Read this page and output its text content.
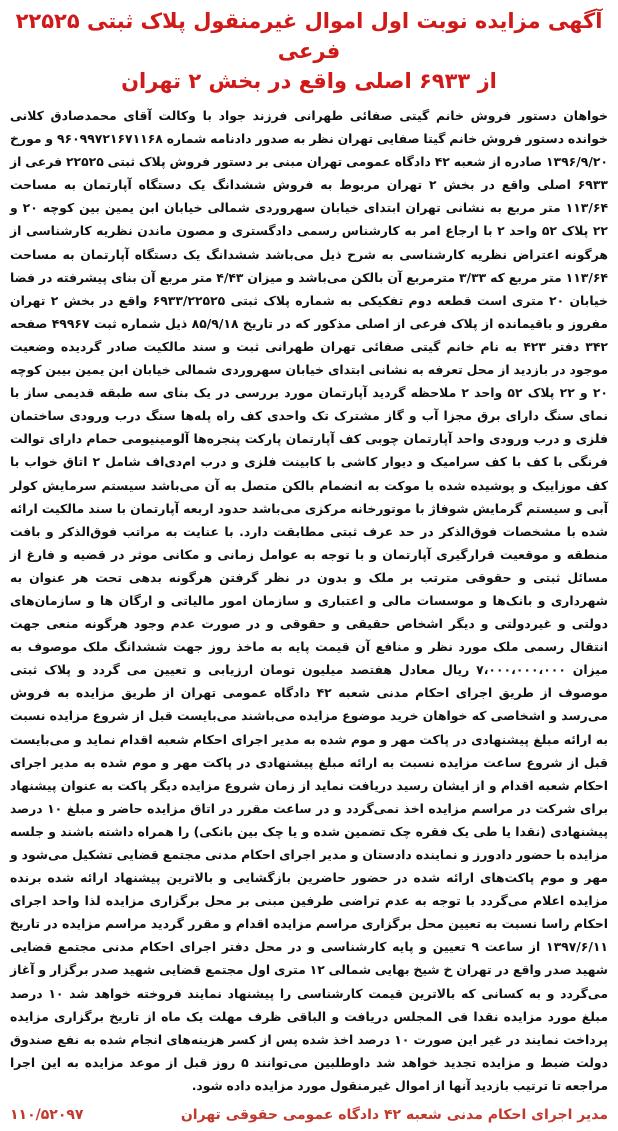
آگهی مزایده نوبت اول اموال غیرمنقول پلاک ثبتی ۲۲۵۲۵ فرعی
از ۶۹۳۳ اصلی واقع در بخش ۲ تهران
خواهان دستور فروش خانم گیتی صفائی طهرانی فرزند جواد با وکالت آقای محمدصادق کلانی خوانده دستور فروش خانم گیتا صفایی تهران نظر به صدور دادنامه شماره ۹۶۰۹۹۷۲۱۶۷۱۱۶۸ و مورخ ۱۳۹۶/۹/۲۰ صادره از شعبه ۴۲ دادگاه عمومی تهران مبنی بر دستور فروش پلاک ثبتی ۲۲۵۲۵ فرعی از ۶۹۳۳ اصلی واقع در بخش ۲ تهران مربوط به فروش ششدانگ یک دستگاه آپارتمان به مساحت ۱۱۳/۶۴ متر مربع به نشانی تهران ابتدای خیابان سهروردی شمالی خیابان ابن یمین بین کوچه ۲۰ و ۲۲ پلاک ۵۲ واحد ۲ با ارجاع امر به کارشناس رسمی دادگستری و مصون ماندن نظریه کارشناسی از هرگونه اعتراض نظریه کارشناسی به شرح ذیل می‌باشد ششدانگ یک دستگاه آپارتمان به مساحت ۱۱۳/۶۴ متر مربع که ۳/۳۳ مترمربع آن بالکن می‌باشد و میزان ۴/۴۳ متر مربع آن بنای پیشرفته در فضا خیابان ۲۰ متری است قطعه دوم تفکیکی به شماره پلاک ثبتی ۶۹۳۳/۲۲۵۲۵ واقع در بخش ۲ تهران مفروز و باقیمانده از پلاک فرعی از اصلی مذکور که در تاریخ ۸۵/۹/۱۸ ذیل شماره ثبت ۴۹۹۶۷ صفحه ۳۴۲ دفتر ۴۲۳ به نام خانم گیتی صفائی تهران طهرانی ثبت و سند مالکیت صادر گردیده وضعیت موجود در بازدید از محل تعرفه به نشانی ابتدای خیابان سهروردی شمالی خیابان ابن یمین بیبن کوچه ۲۰ و ۲۲ پلاک ۵۲ واحد ۲ ملاحظه گردید آپارتمان مورد بررسی در یک بنای سه طبقه قدیمی ساز با نمای سنگ دارای برق مجزا آب و گاز مشترک تک واحدی کف راه پله‌ها سنگ درب ورودی ساختمان فلزی و درب ورودی واحد آپارتمان چوبی کف آپارتمان پارکت پنجره‌ها آلومینیومی حمام دارای توالت فرنگی با کف با کف سرامیک و دیوار کاشی با کابینت فلزی و درب ام‌دی‌اف شامل ۲ اتاق خواب با کف موزاییک و پوشیده شده با موکت به انضمام بالکن متصل به آن می‌باشد سیستم سرمایش کولر آبی و سیستم گرمایش شوفاژ با موتورخانه مرکزی می‌باشد حدود اربعه آپارتمان با سند مالکیت ارائه شده با مشخصات فوق‌الذکر در حد عرف ثبتی مطابقت دارد. با عنایت به مراتب فوق‌الذکر و بافت منطقه و موقعیت قرارگیری آپارتمان و با توجه به عوامل زمانی و مکانی موثر در قضیه و فارغ از مسائل ثبتی و حقوقی مترتب بر ملک و بدون در نظر گرفتن هرگونه بدهی تحت هر عنوان به شهرداری و بانک‌ها و موسسات مالی و اعتباری و سازمان امور مالیاتی و ارگان ها و سازمان‌های دولتی و غیردولتی و دیگر اشخاص حقیقی و حقوقی و در صورت عدم وجود هرگونه منعی جهت انتقال رسمی ملک مورد نظر و منافع آن قیمت پایه به ماخذ روز جهت ششدانگ ملک موصوف به میزان ۷،۰۰۰،۰۰۰،۰۰۰ ریال معادل هفتصد میلیون تومان ارزیابی و تعیین می گردد و پلاک ثبتی موصوف از طریق اجرای احکام مدنی شعبه ۴۲ دادگاه عمومی تهران از طریق مزایده به فروش می‌رسد و اشخاصی که خواهان خرید موضوع مزایده می‌باشند می‌بایست قبل از شروع مزایده نسبت به ارائه مبلغ پیشنهادی در پاکت مهر و موم شده به مدیر اجرای احکام شعبه اقدام نماید و می‌بایست قبل از شروع ساعت مزایده نسبت به ارائه مبلغ پیشنهادی در پاکت مهر و موم شده به مدیر اجرای احکام شعبه اقدام و از ایشان رسید دریافت نماید از زمان شروع مزایده دیگر پاکت به عنوان پیشنهاد برای شرکت در مراسم مزایده اخذ نمی‌گردد و در ساعت مقرر در اتاق مزایده حاضر و مبلغ ۱۰ درصد پیشنهادی (نقدا یا طی یک فقره چک تضمین شده و یا چک بین بانکی) را همراه داشته باشند و جلسه مزایده با حضور دادورز و نماینده دادستان و مدیر اجرای احکام مدنی مجتمع قضایی تشکیل می‌شود و مهر و موم پاکت‌های ارائه شده در حضور حاضرین بازگشایی و بالاترین پیشنهاد ارائه شده برنده مزایده اعلام می‌گردد با توجه به عدم تراضی طرفین مبنی بر محل برگزاری مزایده لذا واحد اجرای احکام راسا نسبت به تعیین محل برگزاری مراسم مزایده اقدام و مقرر گردید مراسم مزایده در تاریخ ۱۳۹۷/۶/۱۱ از ساعت ۹ تعیین و پایه کارشناسی و در محل دفتر اجرای احکام مدنی مجتمع قضایی شهید صدر واقع در تهران خ شیخ بهایی شمالی ۱۲ متری اول مجتمع قضایی شهید صدر برگزار و آغاز می‌گردد و به کسانی که بالاترین قیمت کارشناسی را پیشنهاد نمایند فروخته خواهد شد ۱۰ درصد مبلغ مورد مزایده نقدا فی المجلس دریافت و الباقی ظرف مهلت یک ماه از تاریخ برگزاری مزایده پرداخت نمایند در غیر این صورت ۱۰ درصد اخذ شده پس از کسر هزینه‌های انجام شده به نفع صندوق دولت ضبط و مزایده تجدید خواهد شد داوطلبین می‌توانند ۵ روز قبل از موعد مزایده به این اجرا مراجعه تا ترتیب بازدید آنها از اموال غیرمنقول مورد مزایده داده شود.
مدیر اجرای احکام مدنی شعبه ۴۲ دادگاه عمومی حقوقی تهران
۱۱۰/۵۲۰۹۷
